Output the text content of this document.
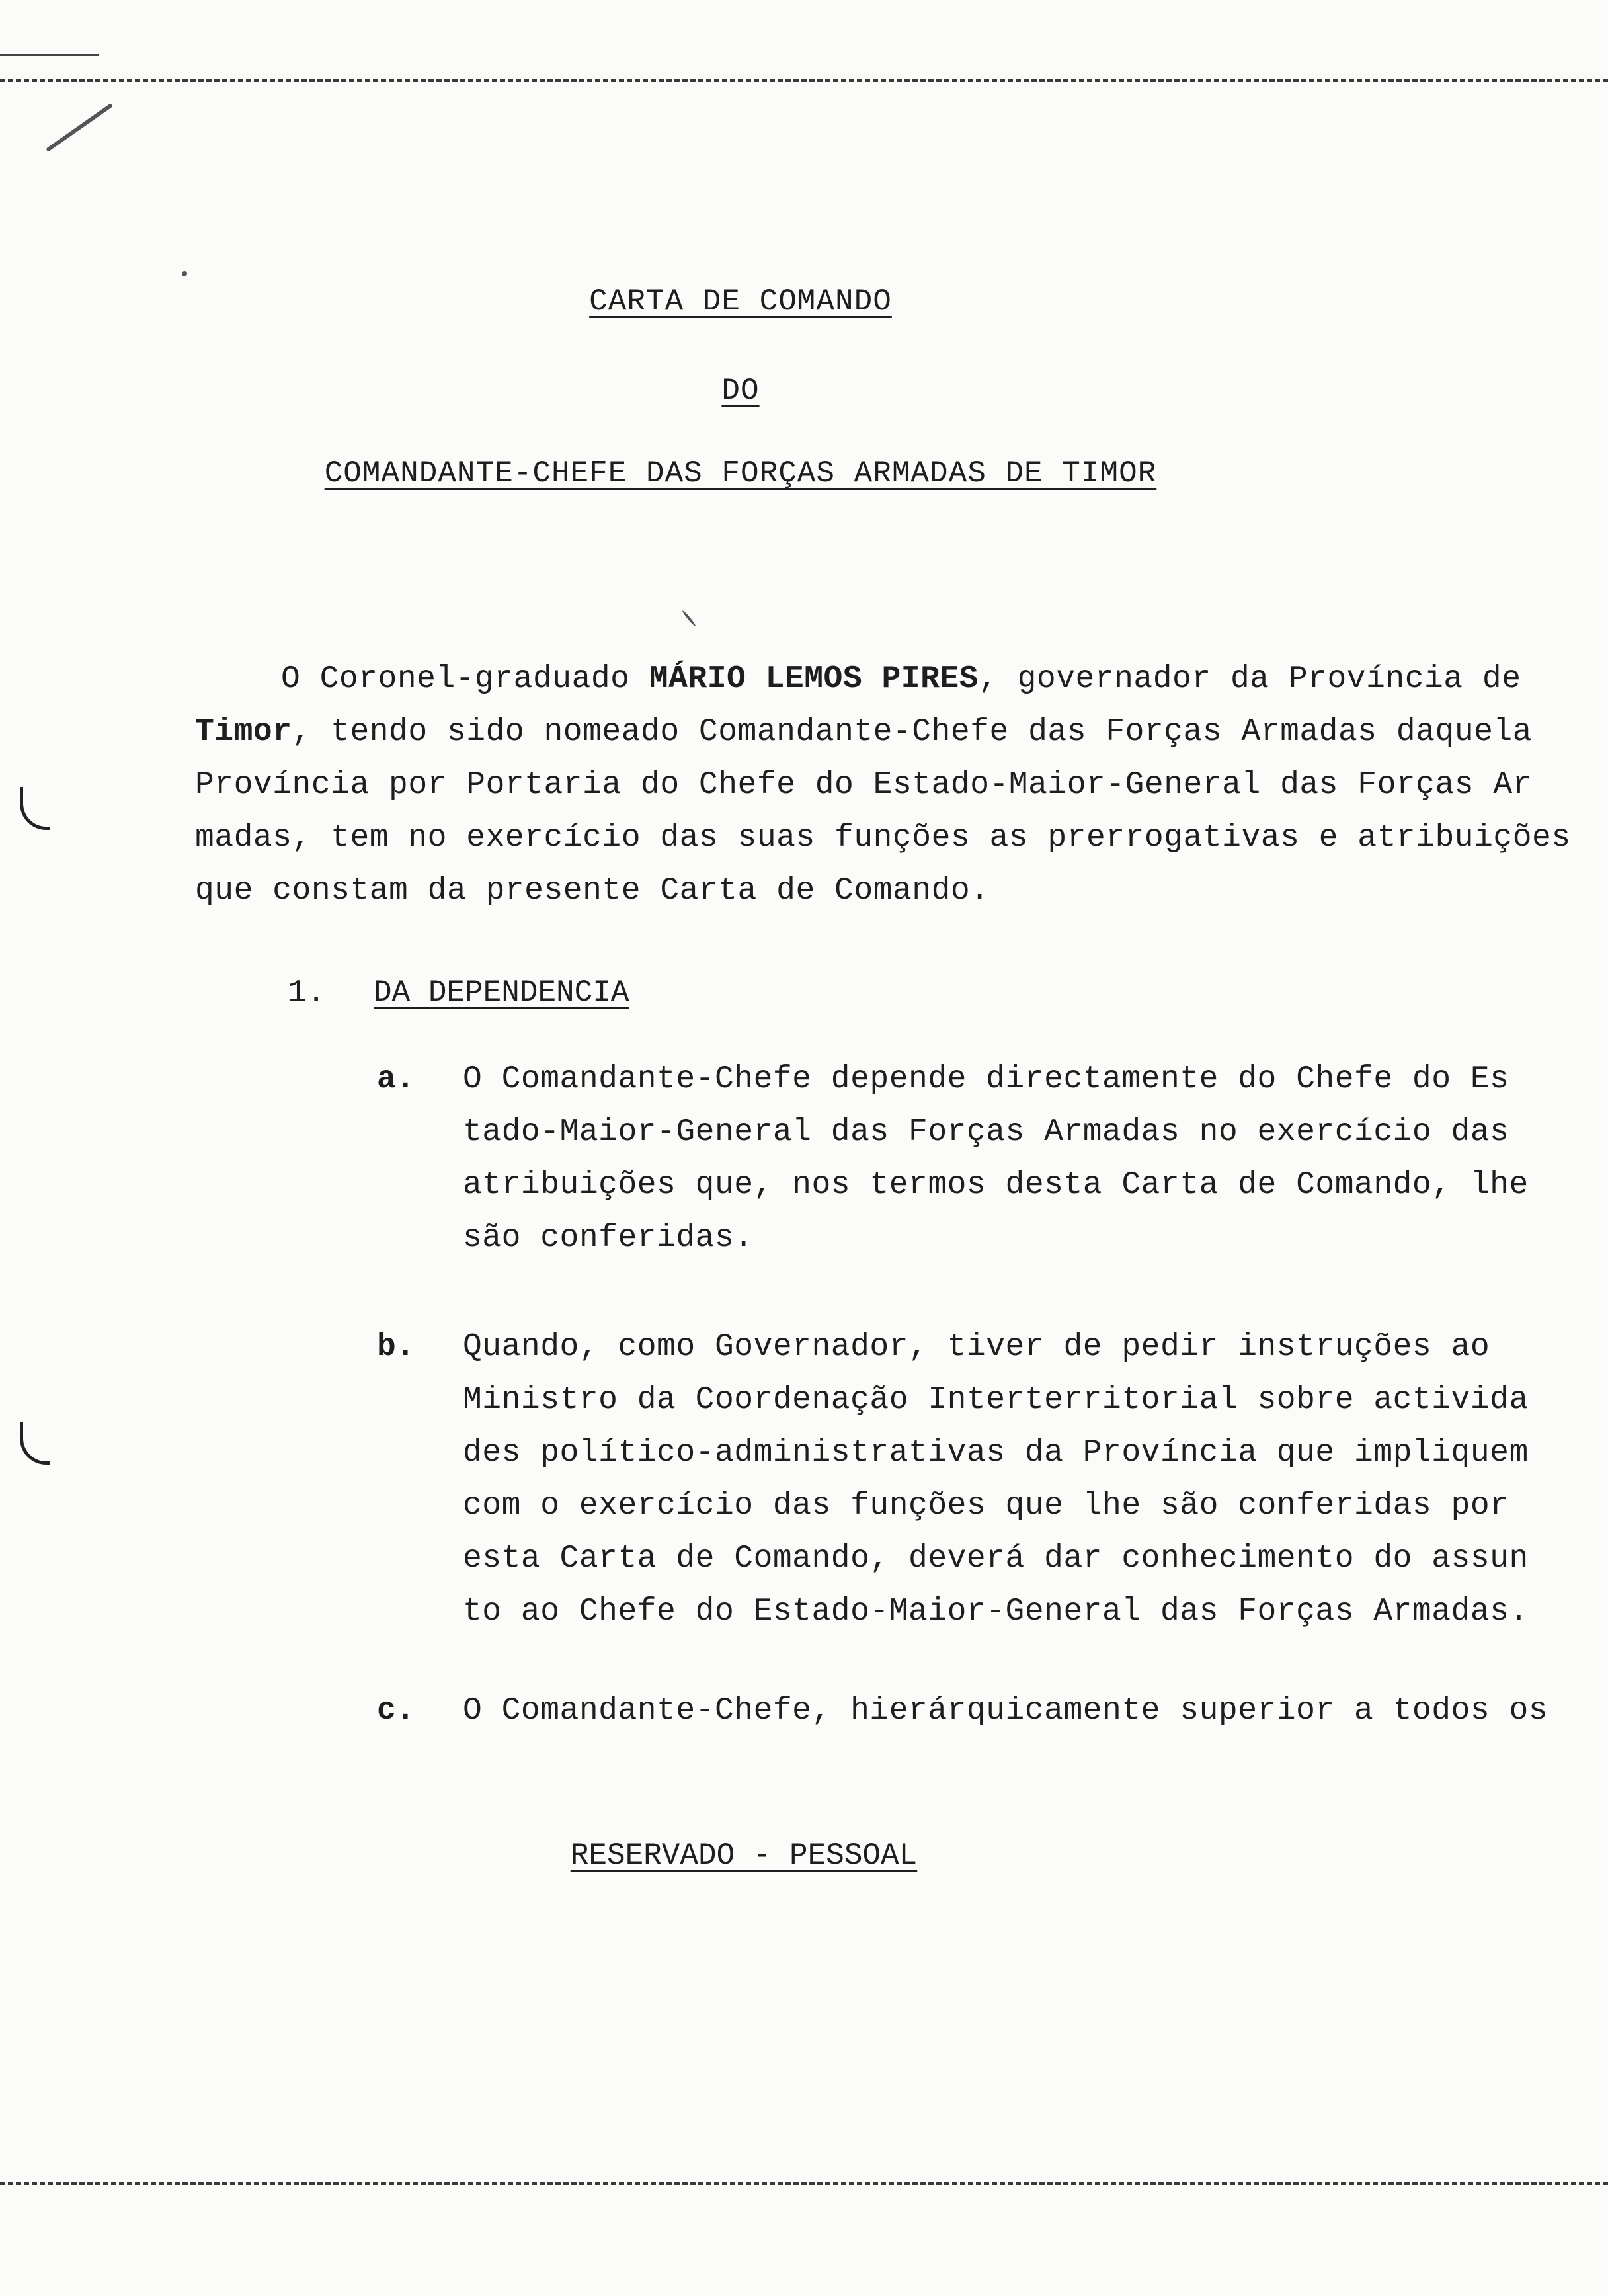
CARTA DE COMANDO
DO
COMANDANTE-CHEFE DAS FORÇAS ARMADAS DE TIMOR
O Coronel-graduado MÁRIO LEMOS PIRES, governador da Província de
Timor, tendo sido nomeado Comandante-Chefe das Forças Armadas daquela
Província por Portaria do Chefe do Estado-Maior-General das Forças Ar
madas, tem no exercício das suas funções as prerrogativas e atribuições
que constam da presente Carta de Comando.
1. DA DEPENDENCIA
a. O Comandante-Chefe depende directamente do Chefe do Es
tado-Maior-General das Forças Armadas no exercício das
atribuições que, nos termos desta Carta de Comando, lhe
são conferidas.
b. Quando, como Governador, tiver de pedir instruções ao
Ministro da Coordenação Interterritorial sobre activida
des político-administrativas da Província que impliquem
com o exercício das funções que lhe são conferidas por
esta Carta de Comando, deverá dar conhecimento do assun
to ao Chefe do Estado-Maior-General das Forças Armadas.
c. O Comandante-Chefe, hierárquicamente superior a todos os
RESERVADO - PESSOAL
